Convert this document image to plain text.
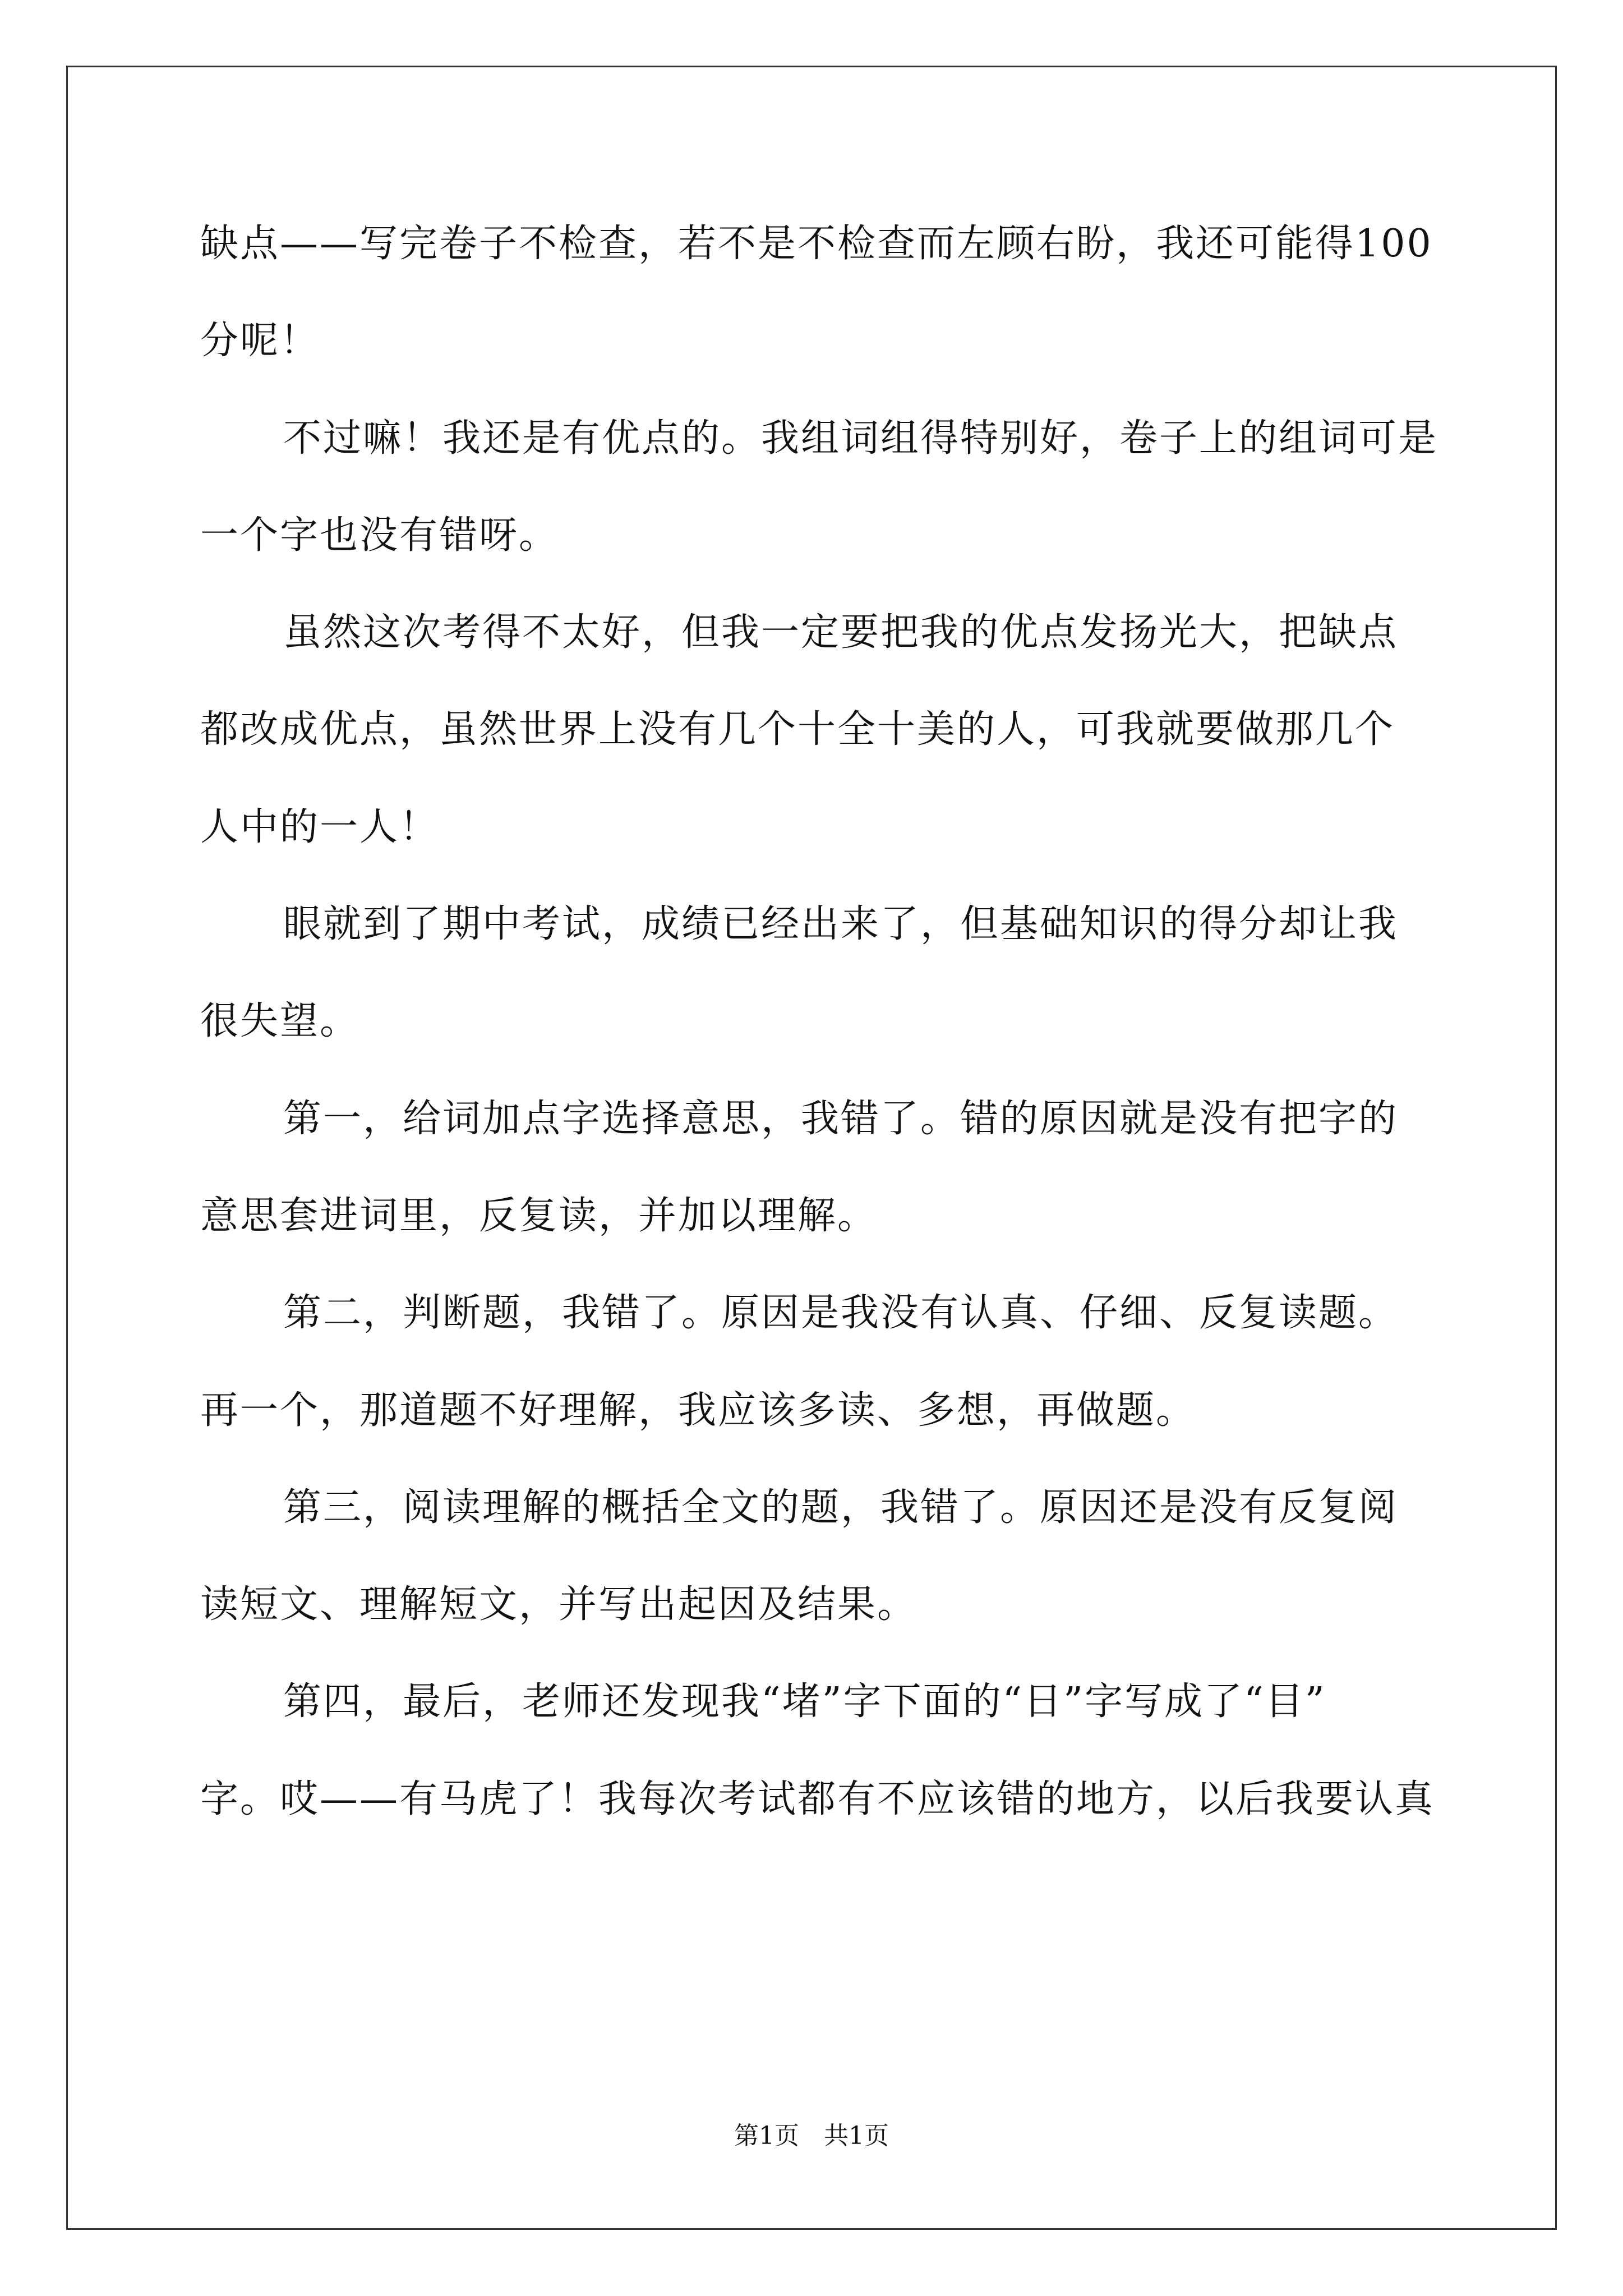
缺点——写完卷子不检查，若不是不检查而左顾右盼，我还可能得100
分呢！
不过嘛！我还是有优点的。我组词组得特别好，卷子上的组词可是
一个字也没有错呀。
虽然这次考得不太好，但我一定要把我的优点发扬光大，把缺点
都改成优点，虽然世界上没有几个十全十美的人，可我就要做那几个
人中的一人！
眼就到了期中考试，成绩已经出来了，但基础知识的得分却让我
很失望。
第一，给词加点字选择意思，我错了。错的原因就是没有把字的
意思套进词里，反复读，并加以理解。
第二，判断题，我错了。原因是我没有认真、仔细、反复读题。
再一个，那道题不好理解，我应该多读、多想，再做题。
第三，阅读理解的概括全文的题，我错了。原因还是没有反复阅
读短文、理解短文，并写出起因及结果。
第四，最后，老师还发现我“堵”字下面的“日”字写成了“目”
字。哎——有马虎了！我每次考试都有不应该错的地方，以后我要认真
第1页　共1页
